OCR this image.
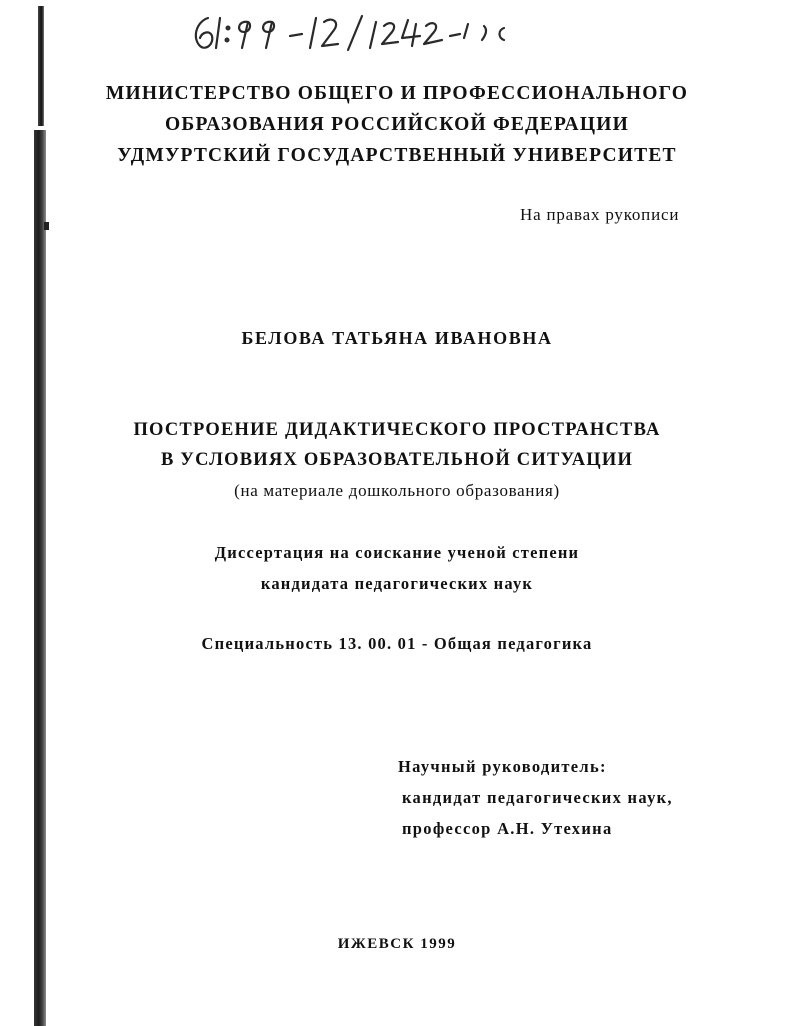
МИНИСТЕРСТВО ОБЩЕГО И ПРОФЕССИОНАЛЬНОГО
ОБРАЗОВАНИЯ РОССИЙСКОЙ ФЕДЕРАЦИИ
УДМУРТСКИЙ ГОСУДАРСТВЕННЫЙ УНИВЕРСИТЕТ
На правах рукописи
БЕЛОВА ТАТЬЯНА ИВАНОВНА
ПОСТРОЕНИЕ ДИДАКТИЧЕСКОГО ПРОСТРАНСТВА
В УСЛОВИЯХ ОБРАЗОВАТЕЛЬНОЙ СИТУАЦИИ
(на материале дошкольного образования)
Диссертация на соискание ученой степени
кандидата педагогических наук
Специальность 13. 00. 01 - Общая педагогика
Научный руководитель:
кандидат педагогических наук,
профессор А.Н. Утехина
ИЖЕВСК 1999
